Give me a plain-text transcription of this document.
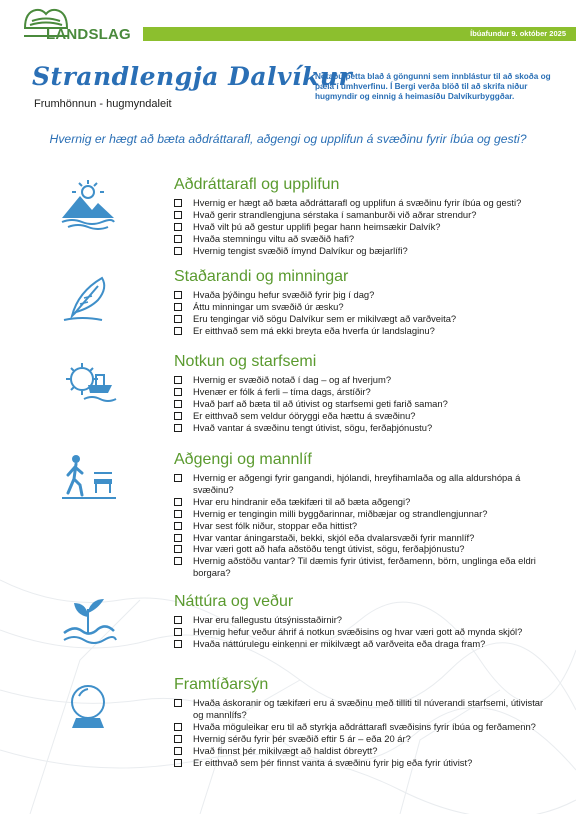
LANDSLAG	Íbúafundur 9. október 2025
Strandlengja Dalvíkur
Frumhönnun - hugmyndaleit
Notaðu þetta blað á göngunni sem innblástur til að skoða og pæla í umhverfinu. Í Bergi verða blöð til að skrifa niður hugmyndir og einnig á heimasíðu Dalvíkurbyggðar.
Hvernig er hægt að bæta aðdráttarafl, aðgengi og upplifun á svæðinu fyrir íbúa og gesti?
Aðdráttarafl og upplifun
Hvernig er hægt að bæta aðdráttarafl og upplifun á svæðinu fyrir íbúa og gesti?
Hvað gerir strandlengjuna sérstaka í samanburði við aðrar strendur?
Hvað vilt þú að gestur upplifi þegar hann heimsækir Dalvík?
Hvaða stemningu viltu að svæðið hafi?
Hvernig tengist svæðið ímynd Dalvíkur og bæjarlífi?
Staðarandi og minningar
Hvaða þýðingu hefur svæðið fyrir þig í dag?
Áttu minningar um svæðið úr æsku?
Eru tengingar við sögu Dalvíkur sem er mikilvægt að varðveita?
Er eitthvað sem má ekki breyta eða hverfa úr landslaginu?
Notkun og starfsemi
Hvernig er svæðið notað í dag – og af hverjum?
Hvenær er fólk á ferli – tíma dags, árstíðir?
Hvað þarf að bæta til að útivist og starfsemi geti farið saman?
Er eitthvað sem veldur óöryggi eða hættu á svæðinu?
Hvað vantar á svæðinu tengt útivist, sögu, ferðaþjónustu?
Aðgengi og mannlíf
Hvernig er aðgengi fyrir gangandi, hjólandi, hreyfihamlaða og alla aldurshópa á svæðinu?
Hvar eru hindranir eða tækifæri til að bæta aðgengi?
Hvernig er tengingin milli byggðarinnar, miðbæjar og strandlengjunnar?
Hvar sest fólk niður, stoppar eða hittist?
Hvar vantar áningarstaði, bekki, skjól eða dvalarsvæði fyrir mannlíf?
Hvar væri gott að hafa aðstöðu tengt útivist, sögu, ferðaþjónustu?
Hvernig aðstöðu vantar? Til dæmis fyrir útivist, ferðamenn, börn, unglinga eða eldri borgara?
Náttúra og veður
Hvar eru fallegustu útsýnisstaðirnir?
Hvernig hefur veður áhrif á notkun svæðisins og hvar væri gott að mynda skjól?
Hvaða náttúrulegu einkenni er mikilvægt að varðveita eða draga fram?
Framtíðarsýn
Hvaða áskoranir og tækifæri eru á svæðinu með tilliti til núverandi starfsemi, útivistar og mannlífs?
Hvaða möguleikar eru til að styrkja aðdráttarafl svæðisins fyrir íbúa og ferðamenn?
Hvernig sérðu fyrir þér svæðið eftir 5 ár – eða 20 ár?
Hvað finnst þér mikilvægt að haldist óbreytt?
Er eitthvað sem þér finnst vanta á svæðinu fyrir þig eða fyrir útivist?
